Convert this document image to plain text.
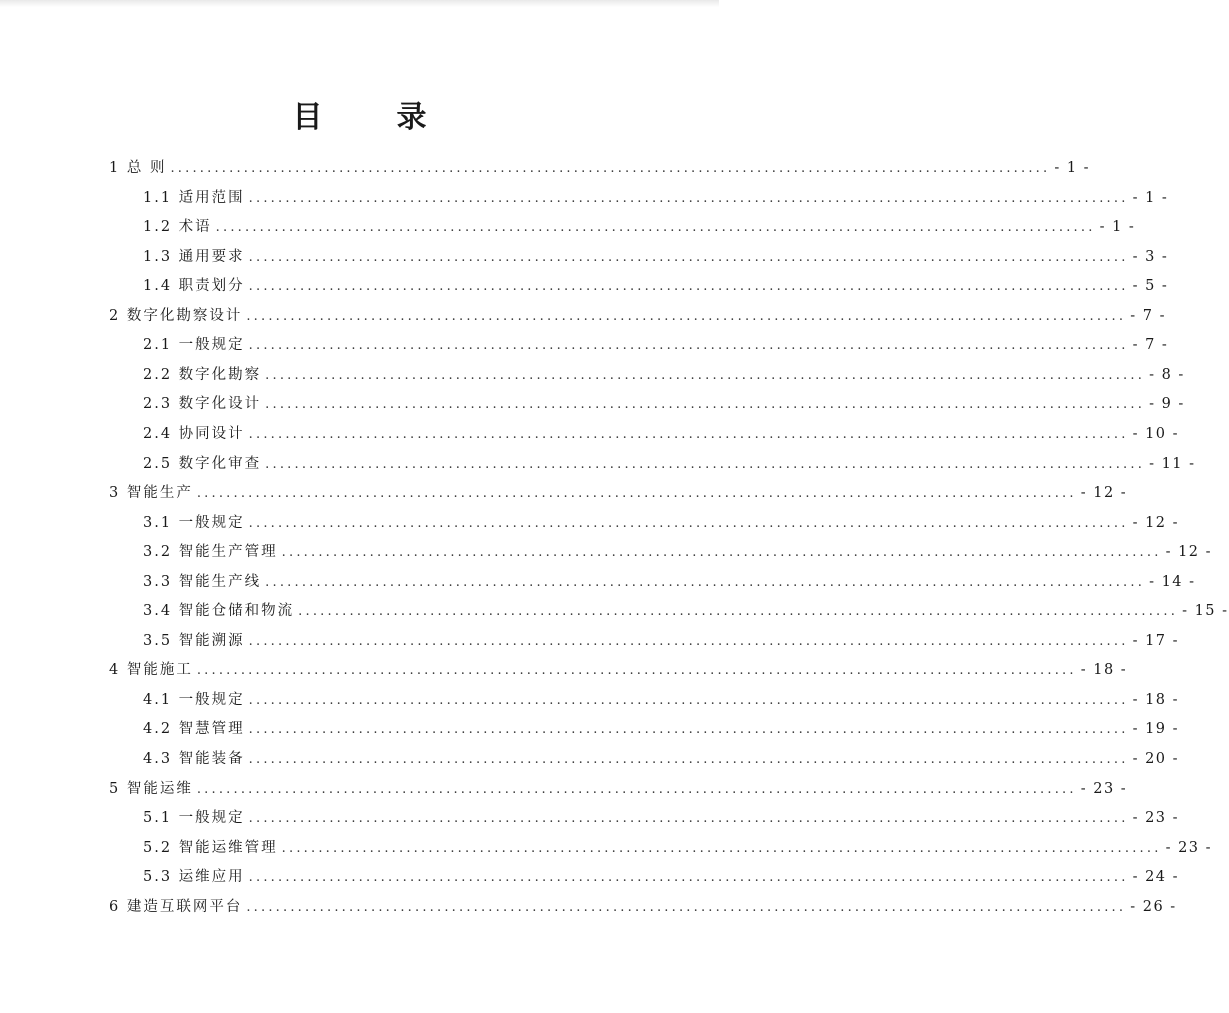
目　录
1 总 则 ........................................................................................................................ - 1 -
1.1 适用范围 ........................................................................................................................ - 1 -
1.2 术语 ........................................................................................................................ - 1 -
1.3 通用要求 ........................................................................................................................ - 3 -
1.4 职责划分 ........................................................................................................................ - 5 -
2 数字化勘察设计 ........................................................................................................................ - 7 -
2.1 一般规定 ........................................................................................................................ - 7 -
2.2 数字化勘察 ........................................................................................................................ - 8 -
2.3 数字化设计 ........................................................................................................................ - 9 -
2.4 协同设计 ........................................................................................................................ - 10 -
2.5 数字化审查 ........................................................................................................................ - 11 -
3 智能生产 ........................................................................................................................ - 12 -
3.1 一般规定 ........................................................................................................................ - 12 -
3.2 智能生产管理 ........................................................................................................................ - 12 -
3.3 智能生产线 ........................................................................................................................ - 14 -
3.4 智能仓储和物流 ........................................................................................................................ - 15 -
3.5 智能溯源 ........................................................................................................................ - 17 -
4 智能施工 ........................................................................................................................ - 18 -
4.1 一般规定 ........................................................................................................................ - 18 -
4.2 智慧管理 ........................................................................................................................ - 19 -
4.3 智能装备 ........................................................................................................................ - 20 -
5 智能运维 ........................................................................................................................ - 23 -
5.1 一般规定 ........................................................................................................................ - 23 -
5.2 智能运维管理 ........................................................................................................................ - 23 -
5.3 运维应用 ........................................................................................................................ - 24 -
6 建造互联网平台 ........................................................................................................................ - 26 -
